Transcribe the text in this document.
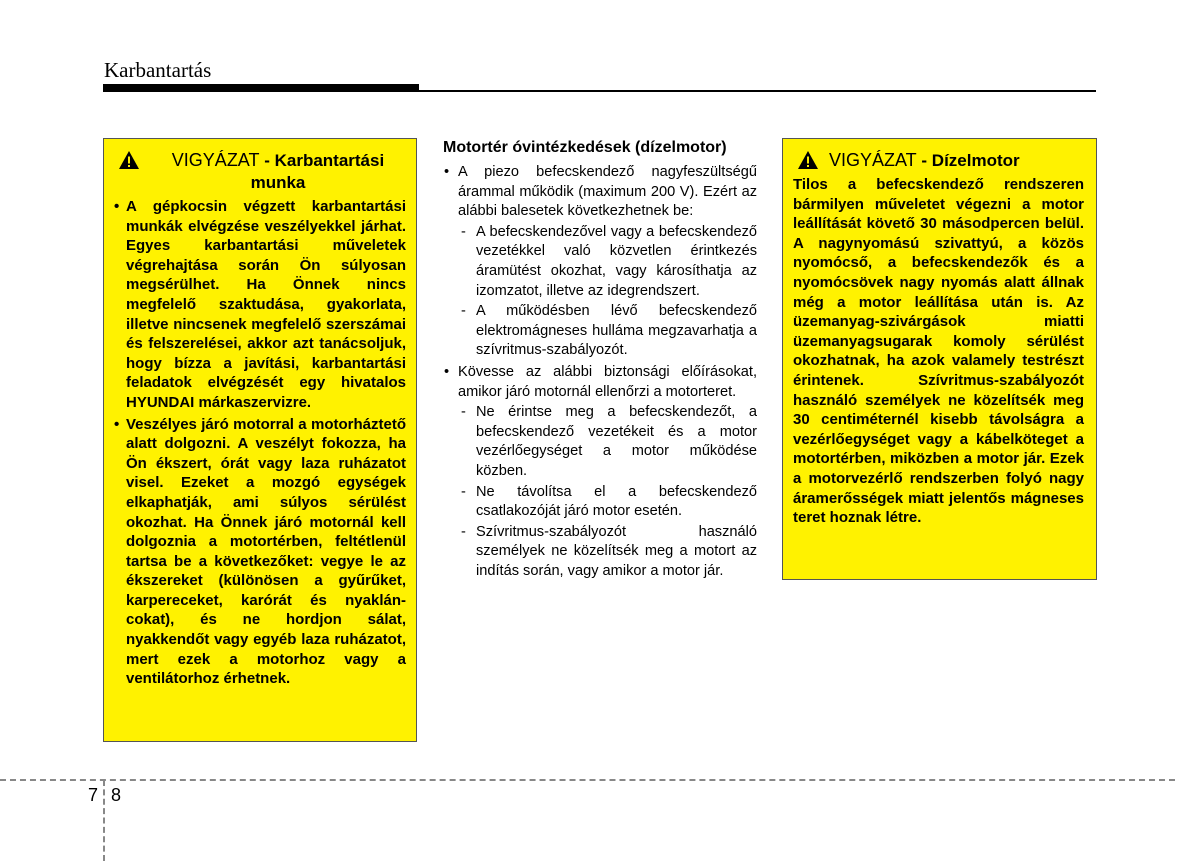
Karbantartás
VIGYÁZAT - Karbantartási munka
• A gépkocsin végzett karbantartási munkák elvégzése veszélyekkel járhat. Egyes karbantartási műveletek végrehajtása során Ön súlyosan megsérülhet. Ha Önnek nincs megfelelő szaktudása, gyakorlata, illetve nincsenek megfelelő szerszámai és felszerelései, akkor azt tanácsoljuk, hogy bízza a javítási, karbantartási feladatok elvégzését egy hivatalos HYUNDAI márkaszervizre.
• Veszélyes járó motorral a motorháztető alatt dolgozni. A veszélyt fokozza, ha Ön ékszert, órát vagy laza ruházatot visel. Ezeket a mozgó egységek elkaphatják, ami súlyos sérülést okozhat. Ha Önnek járó motornál kell dolgoznia a motortérben, feltétlenül tartsa be a következőket: vegye le az ékszereket (különösen a gyűrűket, karpereceket, karórát és nyakláncokat), és ne hordjon sálat, nyakkendőt vagy egyéb laza ruházatot, mert ezek a motorhoz vagy a ventilátorhoz érhetnek.
Motortér óvintézkedések (dízelmotor)
• A piezo befecskendező nagyfeszültségű árammal működik (maximum 200 V). Ezért az alábbi balesetek következhetnek be:
- A befecskendezővel vagy a befecskendező vezetékkel való közvetlen érintkezés áramütést okozhat, vagy károsíthatja az izomzatot, illetve az idegrendszert.
- A működésben lévő befecskendező elektromágneses hulláma megzavarhatja a szívritmus-szabályozót.
• Kövesse az alábbi biztonsági előírásokat, amikor járó motornál ellenőrzi a motorteret.
- Ne érintse meg a befecskendezőt, a befecskendező vezetékeit és a motor vezérlőegységet a motor működése közben.
- Ne távolítsa el a befecskendező csatlakozóját járó motor esetén.
- Szívritmus-szabályozót használó személyek ne közelítsék meg a motort az indítás során, vagy amikor a motor jár.
VIGYÁZAT - Dízelmotor
Tilos a befecskendező rendszeren bármilyen műveletet végezni a motor leállítását követő 30 másodpercen belül. A nagynyomású szivattyú, a közös nyomócső, a befecskendezők és a nyomócsövek nagy nyomás alatt állnak még a motor leállítása után is. Az üzemanyag-szivárgások miatti üzemanyagsugarak komoly sérülést okozhatnak, ha azok valamely testrészt érintenek. Szívritmus-szabályozót használó személyek ne közelítsék meg 30 centiméternél kisebb távolságra a vezérlőegységet vagy a kábelköteget a motortérben, miközben a motor jár. Ezek a motorvezérlő rendszerben folyó nagy áramerősségek miatt jelentős mágneses teret hoznak létre.
7 8
